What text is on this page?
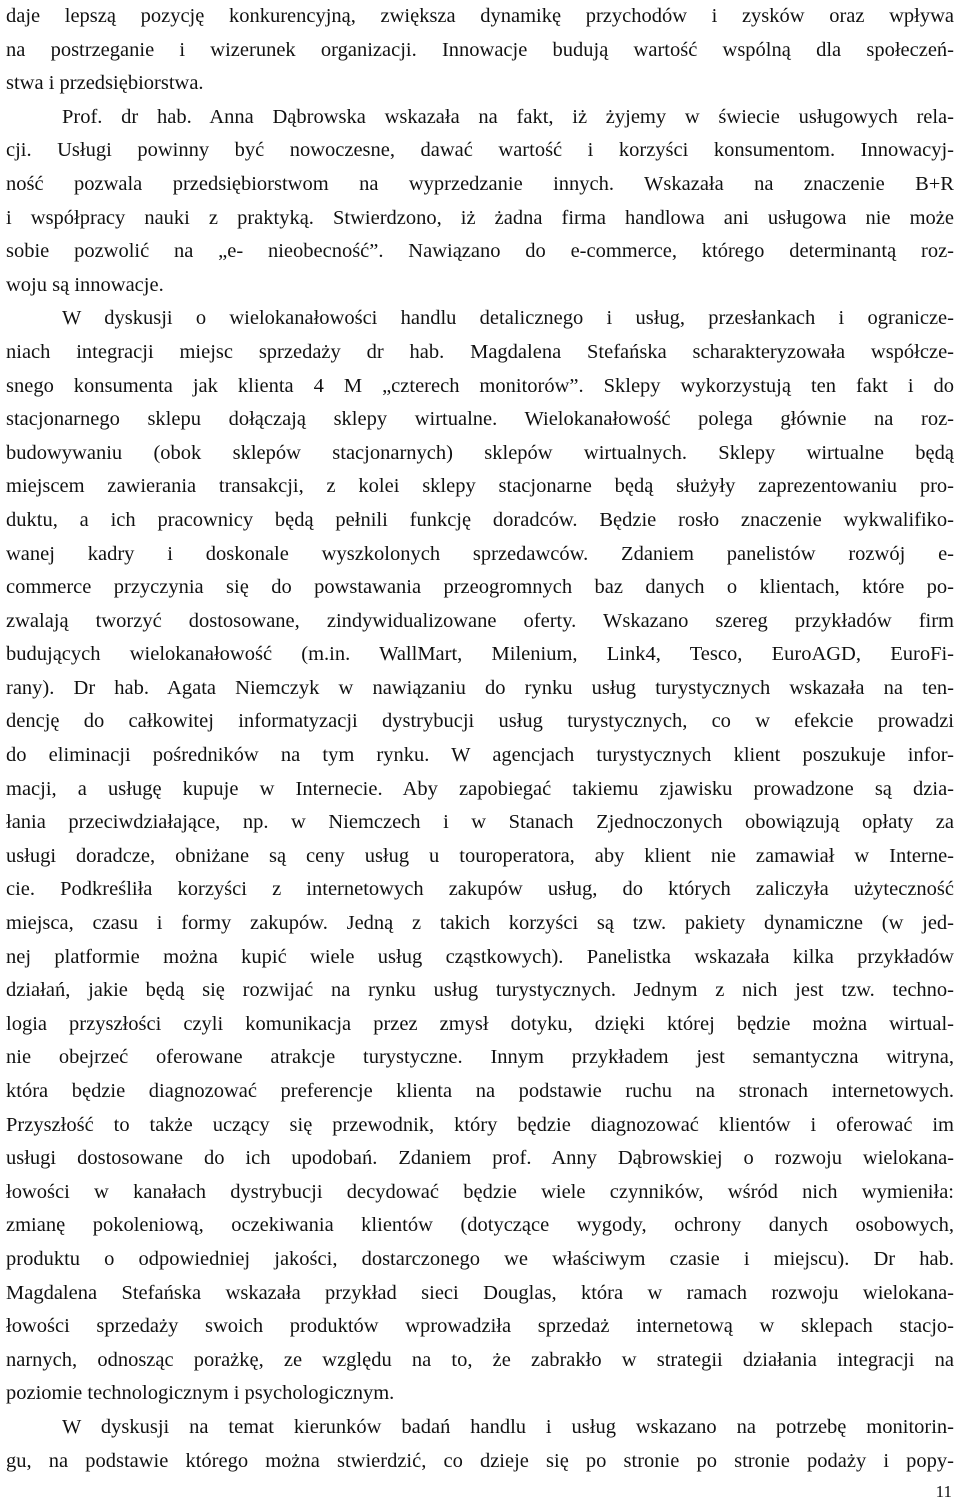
daje lepszą pozycję konkurencyjną, zwiększa dynamikę przychodów i zysków oraz wpływa
na postrzeganie i wizerunek organizacji. Innowacje budują wartość wspólną dla społeczeń-
stwa i przedsiębiorstwa.
Prof. dr hab. Anna Dąbrowska wskazała na fakt, iż żyjemy w świecie usługowych rela-
cji. Usługi powinny być nowoczesne, dawać wartość i korzyści konsumentom. Innowacyj-
ność pozwala przedsiębiorstwom na wyprzedzanie innych. Wskazała na znaczenie B+R
i współpracy nauki z praktyką. Stwierdzono, iż żadna firma handlowa ani usługowa nie może
sobie pozwolić na „e- nieobecność”. Nawiązano do e-commerce, którego determinantą roz-
woju są innowacje.
W dyskusji o wielokanałowości handlu detalicznego i usług, przesłankach i ogranicze-
niach integracji miejsc sprzedaży dr hab. Magdalena Stefańska scharakteryzowała współcze-
snego konsumenta jak klienta 4 M „czterech monitorów”. Sklepy wykorzystują ten fakt i do
stacjonarnego sklepu dołączają sklepy wirtualne. Wielokanałowość polega głównie na roz-
budowywaniu (obok sklepów stacjonarnych) sklepów wirtualnych. Sklepy wirtualne będą
miejscem zawierania transakcji, z kolei sklepy stacjonarne będą służyły zaprezentowaniu pro-
duktu, a ich pracownicy będą pełnili funkcję doradców. Będzie rosło znaczenie wykwalifiko-
wanej kadry i doskonale wyszkolonych sprzedawców. Zdaniem panelistów rozwój e-
commerce przyczynia się do powstawania przeogromnych baz danych o klientach, które po-
zwalają tworzyć dostosowane, zindywidualizowane oferty. Wskazano szereg przykładów firm
budujących wielokanałowość (m.in. WallMart, Milenium, Link4, Tesco, EuroAGD, EuroFi-
rany). Dr hab. Agata Niemczyk w nawiązaniu do rynku usług turystycznych wskazała na ten-
dencję do całkowitej informatyzacji dystrybucji usług turystycznych, co w efekcie prowadzi
do eliminacji pośredników na tym rynku. W agencjach turystycznych klient poszukuje infor-
macji, a usługę kupuje w Internecie. Aby zapobiegać takiemu zjawisku prowadzone są dzia-
łania przeciwdziałające, np. w Niemczech i w Stanach Zjednoczonych obowiązują opłaty za
usługi doradcze, obniżane są ceny usług u touroperatora, aby klient nie zamawiał w Interne-
cie. Podkreśliła korzyści z internetowych zakupów usług, do których zaliczyła użyteczność
miejsca, czasu i formy zakupów. Jedną z takich korzyści są tzw. pakiety dynamiczne (w jed-
nej platformie można kupić wiele usług cząstkowych). Panelistka wskazała kilka przykładów
działań, jakie będą się rozwijać na rynku usług turystycznych. Jednym z nich jest tzw. techno-
logia przyszłości czyli komunikacja przez zmysł dotyku, dzięki której będzie można wirtual-
nie obejrzeć oferowane atrakcje turystyczne. Innym przykładem jest semantyczna witryna,
która będzie diagnozować preferencje klienta na podstawie ruchu na stronach internetowych.
Przyszłość to także uczący się przewodnik, który będzie diagnozować klientów i oferować im
usługi dostosowane do ich upodobań. Zdaniem prof. Anny Dąbrowskiej o rozwoju wielokana-
łowości w kanałach dystrybucji decydować będzie wiele czynników, wśród nich wymieniła:
zmianę pokoleniową, oczekiwania klientów (dotyczące wygody, ochrony danych osobowych,
produktu o odpowiedniej jakości, dostarczonego we właściwym czasie i miejscu). Dr hab.
Magdalena Stefańska wskazała przykład sieci Douglas, która w ramach rozwoju wielokana-
łowości sprzedaży swoich produktów wprowadziła sprzedaż internetową w sklepach stacjo-
narnych, odnosząc porażkę, ze względu na to, że zabrakło w strategii działania integracji na
poziomie technologicznym i psychologicznym.
W dyskusji na temat kierunków badań handlu i usług wskazano na potrzebę monitorin-
gu, na podstawie którego można stwierdzić, co dzieje się po stronie po stronie podaży i popy-
11
